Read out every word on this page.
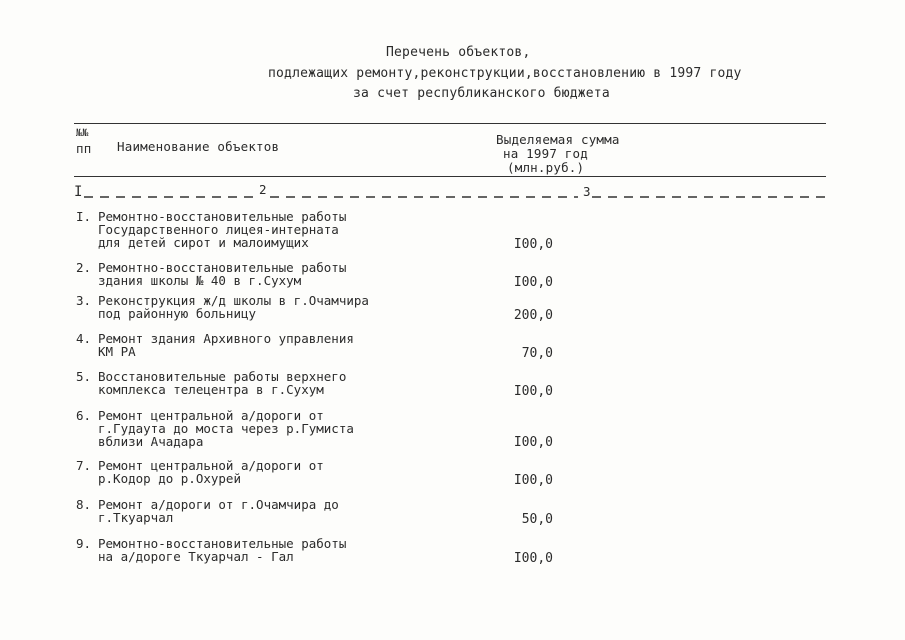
Перечень объектов,
подлежащих ремонту,реконструкции,восстановлению в 1997 году
за счет республиканского бюджета
№№
пп Наименование объектов	Выделяемая сумма
на 1997 год
(млн.руб.)
I	2	3
I. Ремонтно-восстановительные работы
Государственного лицея-интерната
для детей сирот и малоимущих	I00,0
2. Ремонтно-восстановительные работы
здания школы № 40 в г.Сухум	I00,0
3. Реконструкция ж/д школы в г.Очамчира
под районную больницу	200,0
4. Ремонт здания Архивного управления
КМ РА	70,0
5. Восстановительные работы верхнего
комплекса телецентра в г.Сухум	I00,0
6. Ремонт центральной а/дороги от
г.Гудаута до моста через р.Гумиста
вблизи Ачадара	I00,0
7. Ремонт центральной а/дороги от
р.Кодор до р.Охурей	I00,0
8. Ремонт а/дороги от г.Очамчира до
г.Ткуарчал	50,0
9. Ремонтно-восстановительные работы
на а/дороге Ткуарчал - Гал	I00,0
